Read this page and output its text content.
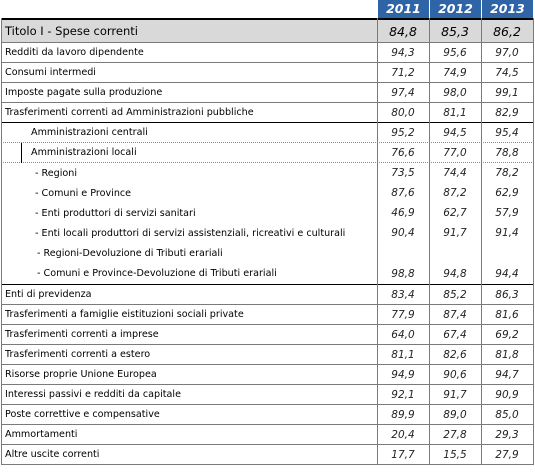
2011	2012	2013
Titolo I - Spese correnti	84,8	85,3	86,2
Redditi da lavoro dipendente	94,3	95,6	97,0
Consumi intermedi	71,2	74,9	74,5
Imposte pagate sulla produzione	97,4	98,0	99,1
Trasferimenti correnti ad Amministrazioni pubbliche	80,0	81,1	82,9
Amministrazioni centrali	95,2	94,5	95,4
Amministrazioni locali	76,6	77,0	78,8
- Regioni	73,5	74,4	78,2
- Comuni e Province	87,6	87,2	62,9
- Enti produttori di servizi sanitari	46,9	62,7	57,9
- Enti locali produttori di servizi assistenziali, ricreativi e culturali	90,4	91,7	91,4
- Regioni-Devoluzione di Tributi erariali
- Comuni e Province-Devoluzione di Tributi erariali	98,8	94,8	94,4
Enti di previdenza	83,4	85,2	86,3
Trasferimenti a famiglie eistituzioni sociali private	77,9	87,4	81,6
Trasferimenti correnti a imprese	64,0	67,4	69,2
Trasferimenti correnti a estero	81,1	82,6	81,8
Risorse proprie Unione Europea	94,9	90,6	94,7
Interessi passivi e redditi da capitale	92,1	91,7	90,9
Poste correttive e compensative	89,9	89,0	85,0
Ammortamenti	20,4	27,8	29,3
Altre uscite correnti	17,7	15,5	27,9
